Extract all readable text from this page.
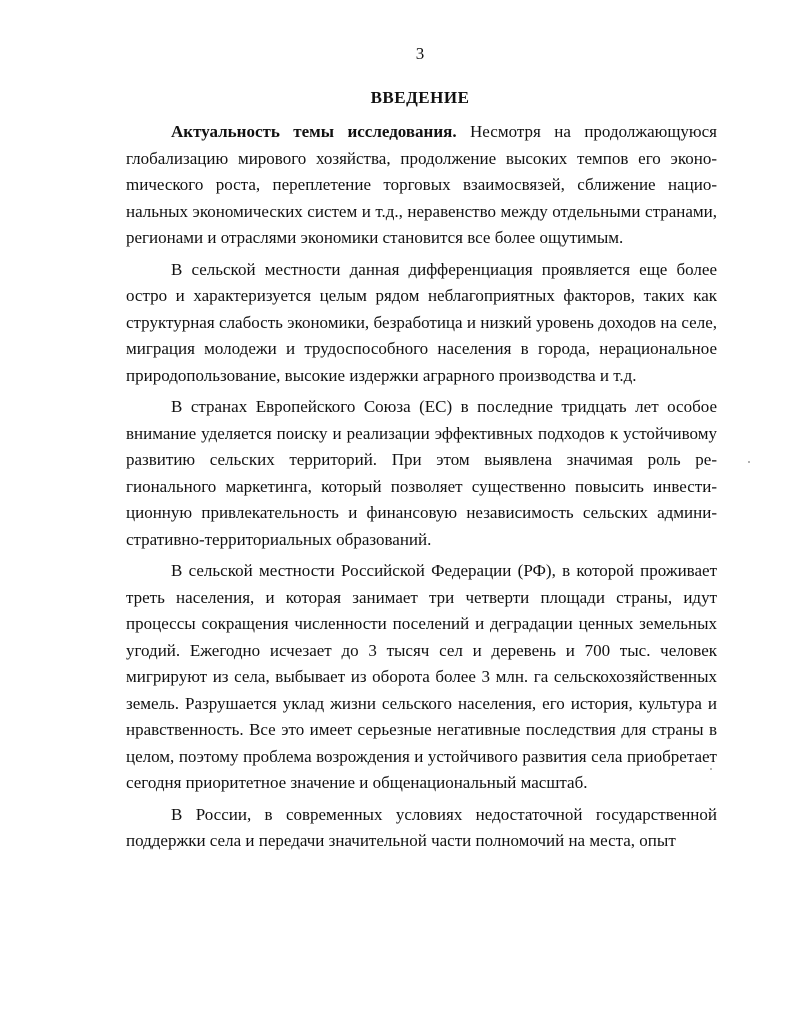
3
ВВЕДЕНИЕ

Актуальность темы исследования. Несмотря на продолжающуюся глобализацию мирового хозяйства, продолжение высоких темпов его эконоmического роста, переплетение торговых взаимосвязей, сближение национальных экономических систем и т.д., неравенство между отдельными странами, регионами и отраслями экономики становится все более ощутимым.

В сельской местности данная дифференциация проявляется еще более остро и характеризуется целым рядом неблагоприятных факторов, таких как структурная слабость экономики, безработица и низкий уровень доходов на селе, миграция молодежи и трудоспособного населения в города, нерациональное природопользование, высокие издержки аграрного производства и т.д.

В странах Европейского Союза (ЕС) в последние тридцать лет особое внимание уделяется поиску и реализации эффективных подходов к устойчивому развитию сельских территорий. При этом выявлена значимая роль регионального маркетинга, который позволяет существенно повысить инвестиционную привлекательность и финансовую независимость сельских административно-территориальных образований.

В сельской местности Российской Федерации (РФ), в которой проживает треть населения, и которая занимает три четверти площади страны, идут процессы сокращения численности поселений и деградации ценных земельных угодий. Ежегодно исчезает до 3 тысяч сел и деревень и 700 тыс. человек мигрируют из села, выбывает из оборота более 3 млн. га сельскохозяйственных земель. Разрушается уклад жизни сельского населения, его история, культура и нравственность. Все это имеет серьезные негативные последствия для страны в целом, поэтому проблема возрождения и устойчивого развития села приобретает сегодня приоритетное значение и общенациональный масштаб.

В России, в современных условиях недостаточной государственной поддержки села и передачи значительной части полномочий на места, опыт
